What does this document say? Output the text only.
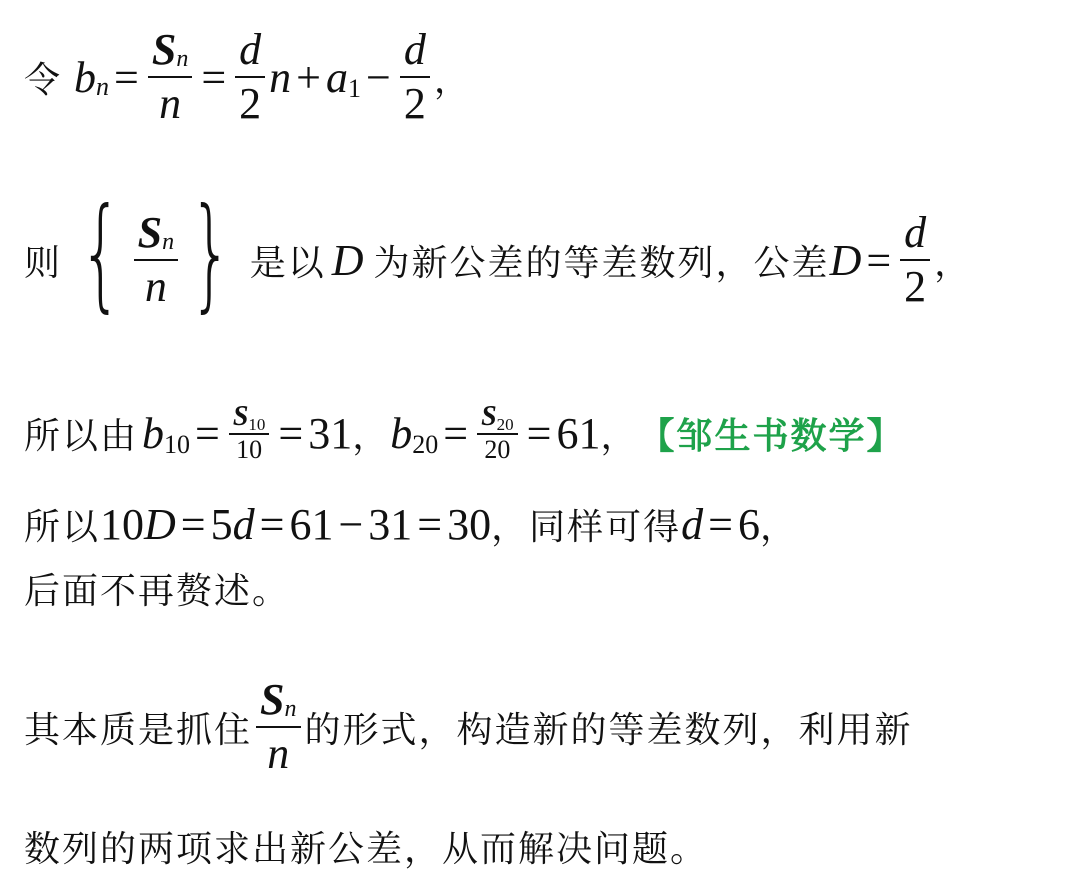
令 b $n = \frac{Sn}{n} = \frac{d}{2}$ n + a $1 - \frac{d}{2}$ ，
则 { $\frac{Sn}{n}$ } 是以 D 为新公差的等差数列，公差 $D = \frac{d}{2}$ ，
所以由 b $10 = \frac{S10}{10} = 31$ ， b $20 = \frac{S20}{20} = 61$ ， 【邹生书数学】
所以 10 D = 5 d = 61 − 31 = 30 ，同样可得 d = 6 ，
后面不再赘述。
其本质是抓住 $\frac{Sn}{n}$ 的形式，构造新的等差数列，利用新
数列的两项求出新公差，从而解决问题。
